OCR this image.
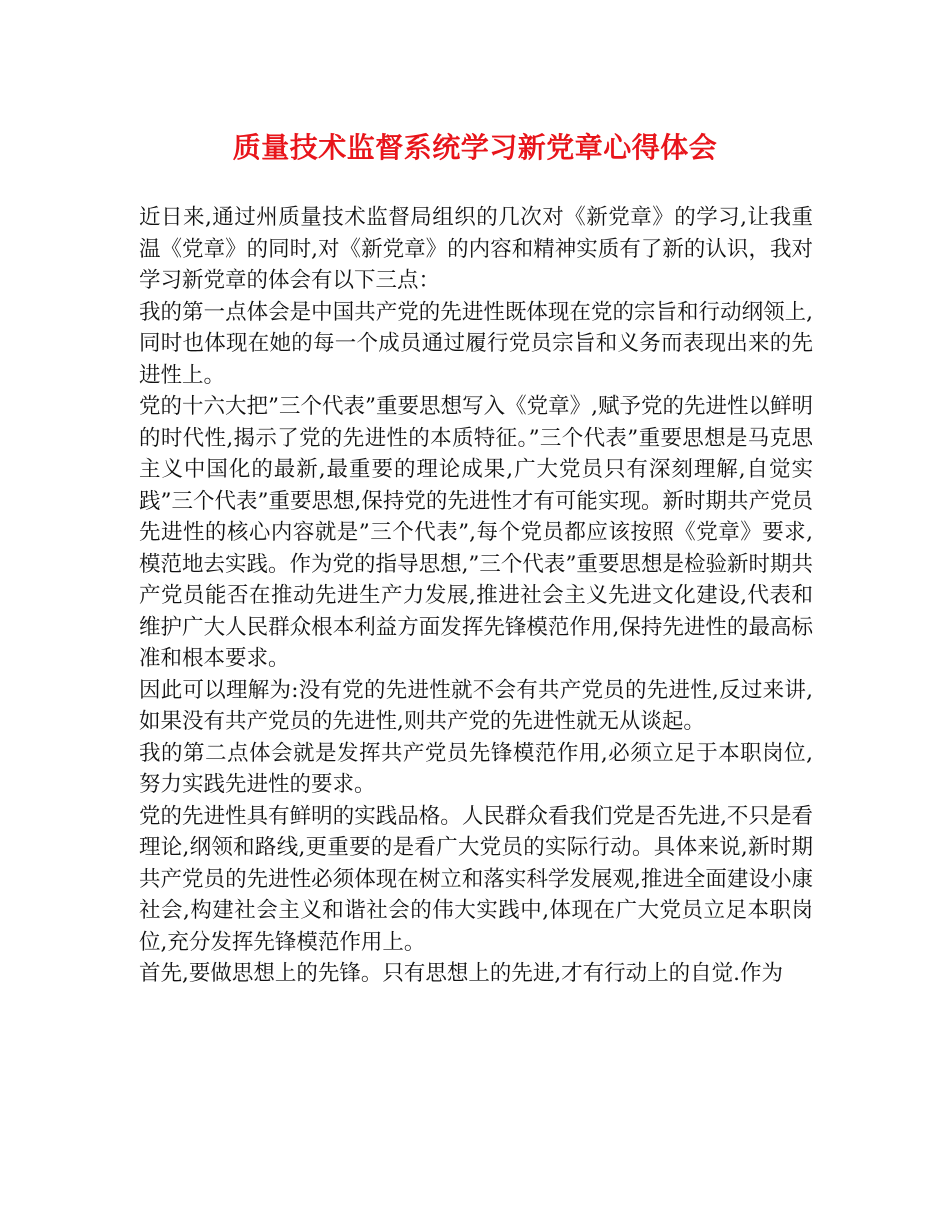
质量技术监督系统学习新党章心得体会

近日来,通过州质量技术监督局组织的几次对《新党章》的学习,让我重温《党章》的同时,对《新党章》的内容和精神实质有了新的认识，我对学习新党章的体会有以下三点：

我的第一点体会是中国共产党的先进性既体现在党的宗旨和行动纲领上,同时也体现在她的每一个成员通过履行党员宗旨和义务而表现出来的先进性上。

党的十六大把”三个代表”重要思想写入《党章》,赋予党的先进性以鲜明的时代性,揭示了党的先进性的本质特征。”三个代表”重要思想是马克思主义中国化的最新,最重要的理论成果,广大党员只有深刻理解,自觉实践”三个代表”重要思想,保持党的先进性才有可能实现。新时期共产党员先进性的核心内容就是”三个代表”,每个党员都应该按照《党章》要求,模范地去实践。作为党的指导思想,”三个代表”重要思想是检验新时期共产党员能否在推动先进生产力发展,推进社会主义先进文化建设,代表和维护广大人民群众根本利益方面发挥先锋模范作用,保持先进性的最高标准和根本要求。

因此可以理解为:没有党的先进性就不会有共产党员的先进性,反过来讲,如果没有共产党员的先进性,则共产党的先进性就无从谈起。

我的第二点体会就是发挥共产党员先锋模范作用,必须立足于本职岗位,努力实践先进性的要求。

党的先进性具有鲜明的实践品格。人民群众看我们党是否先进,不只是看理论,纲领和路线,更重要的是看广大党员的实际行动。具体来说,新时期共产党员的先进性必须体现在树立和落实科学发展观,推进全面建设小康社会,构建社会主义和谐社会的伟大实践中,体现在广大党员立足本职岗位,充分发挥先锋模范作用上。

首先,要做思想上的先锋。只有思想上的先进,才有行动上的自觉.作为
